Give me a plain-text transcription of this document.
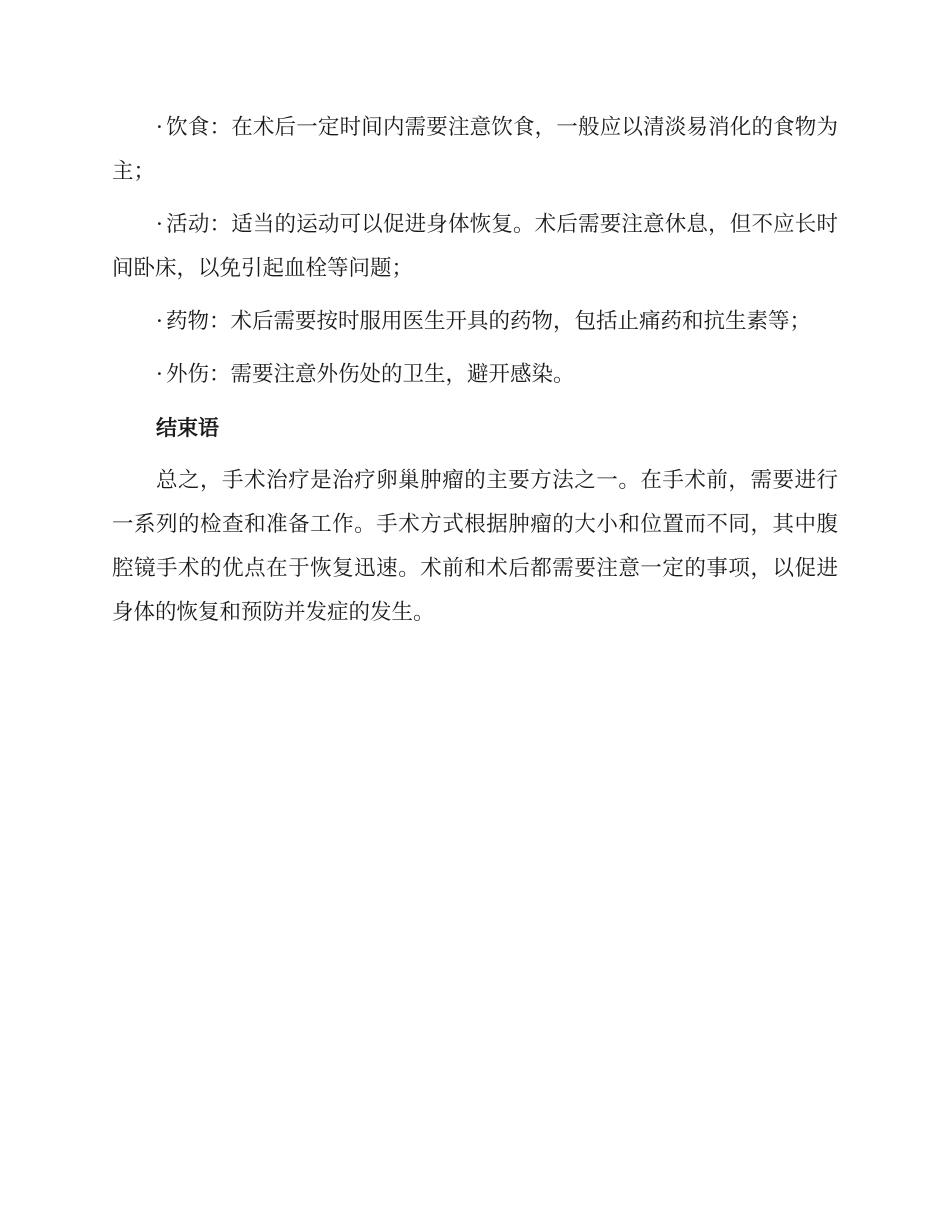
· 饮食：在术后一定时间内需要注意饮食，一般应以清淡易消化的食物为主；

· 活动：适当的运动可以促进身体恢复。术后需要注意休息，但不应长时间卧床，以免引起血栓等问题；

· 药物：术后需要按时服用医生开具的药物，包括止痛药和抗生素等；

· 外伤：需要注意外伤处的卫生，避开感染。

结束语

总之，手术治疗是治疗卵巢肿瘤的主要方法之一。在手术前，需要进行一系列的检查和准备工作。手术方式根据肿瘤的大小和位置而不同，其中腹腔镜手术的优点在于恢复迅速。术前和术后都需要注意一定的事项，以促进身体的恢复和预防并发症的发生。
